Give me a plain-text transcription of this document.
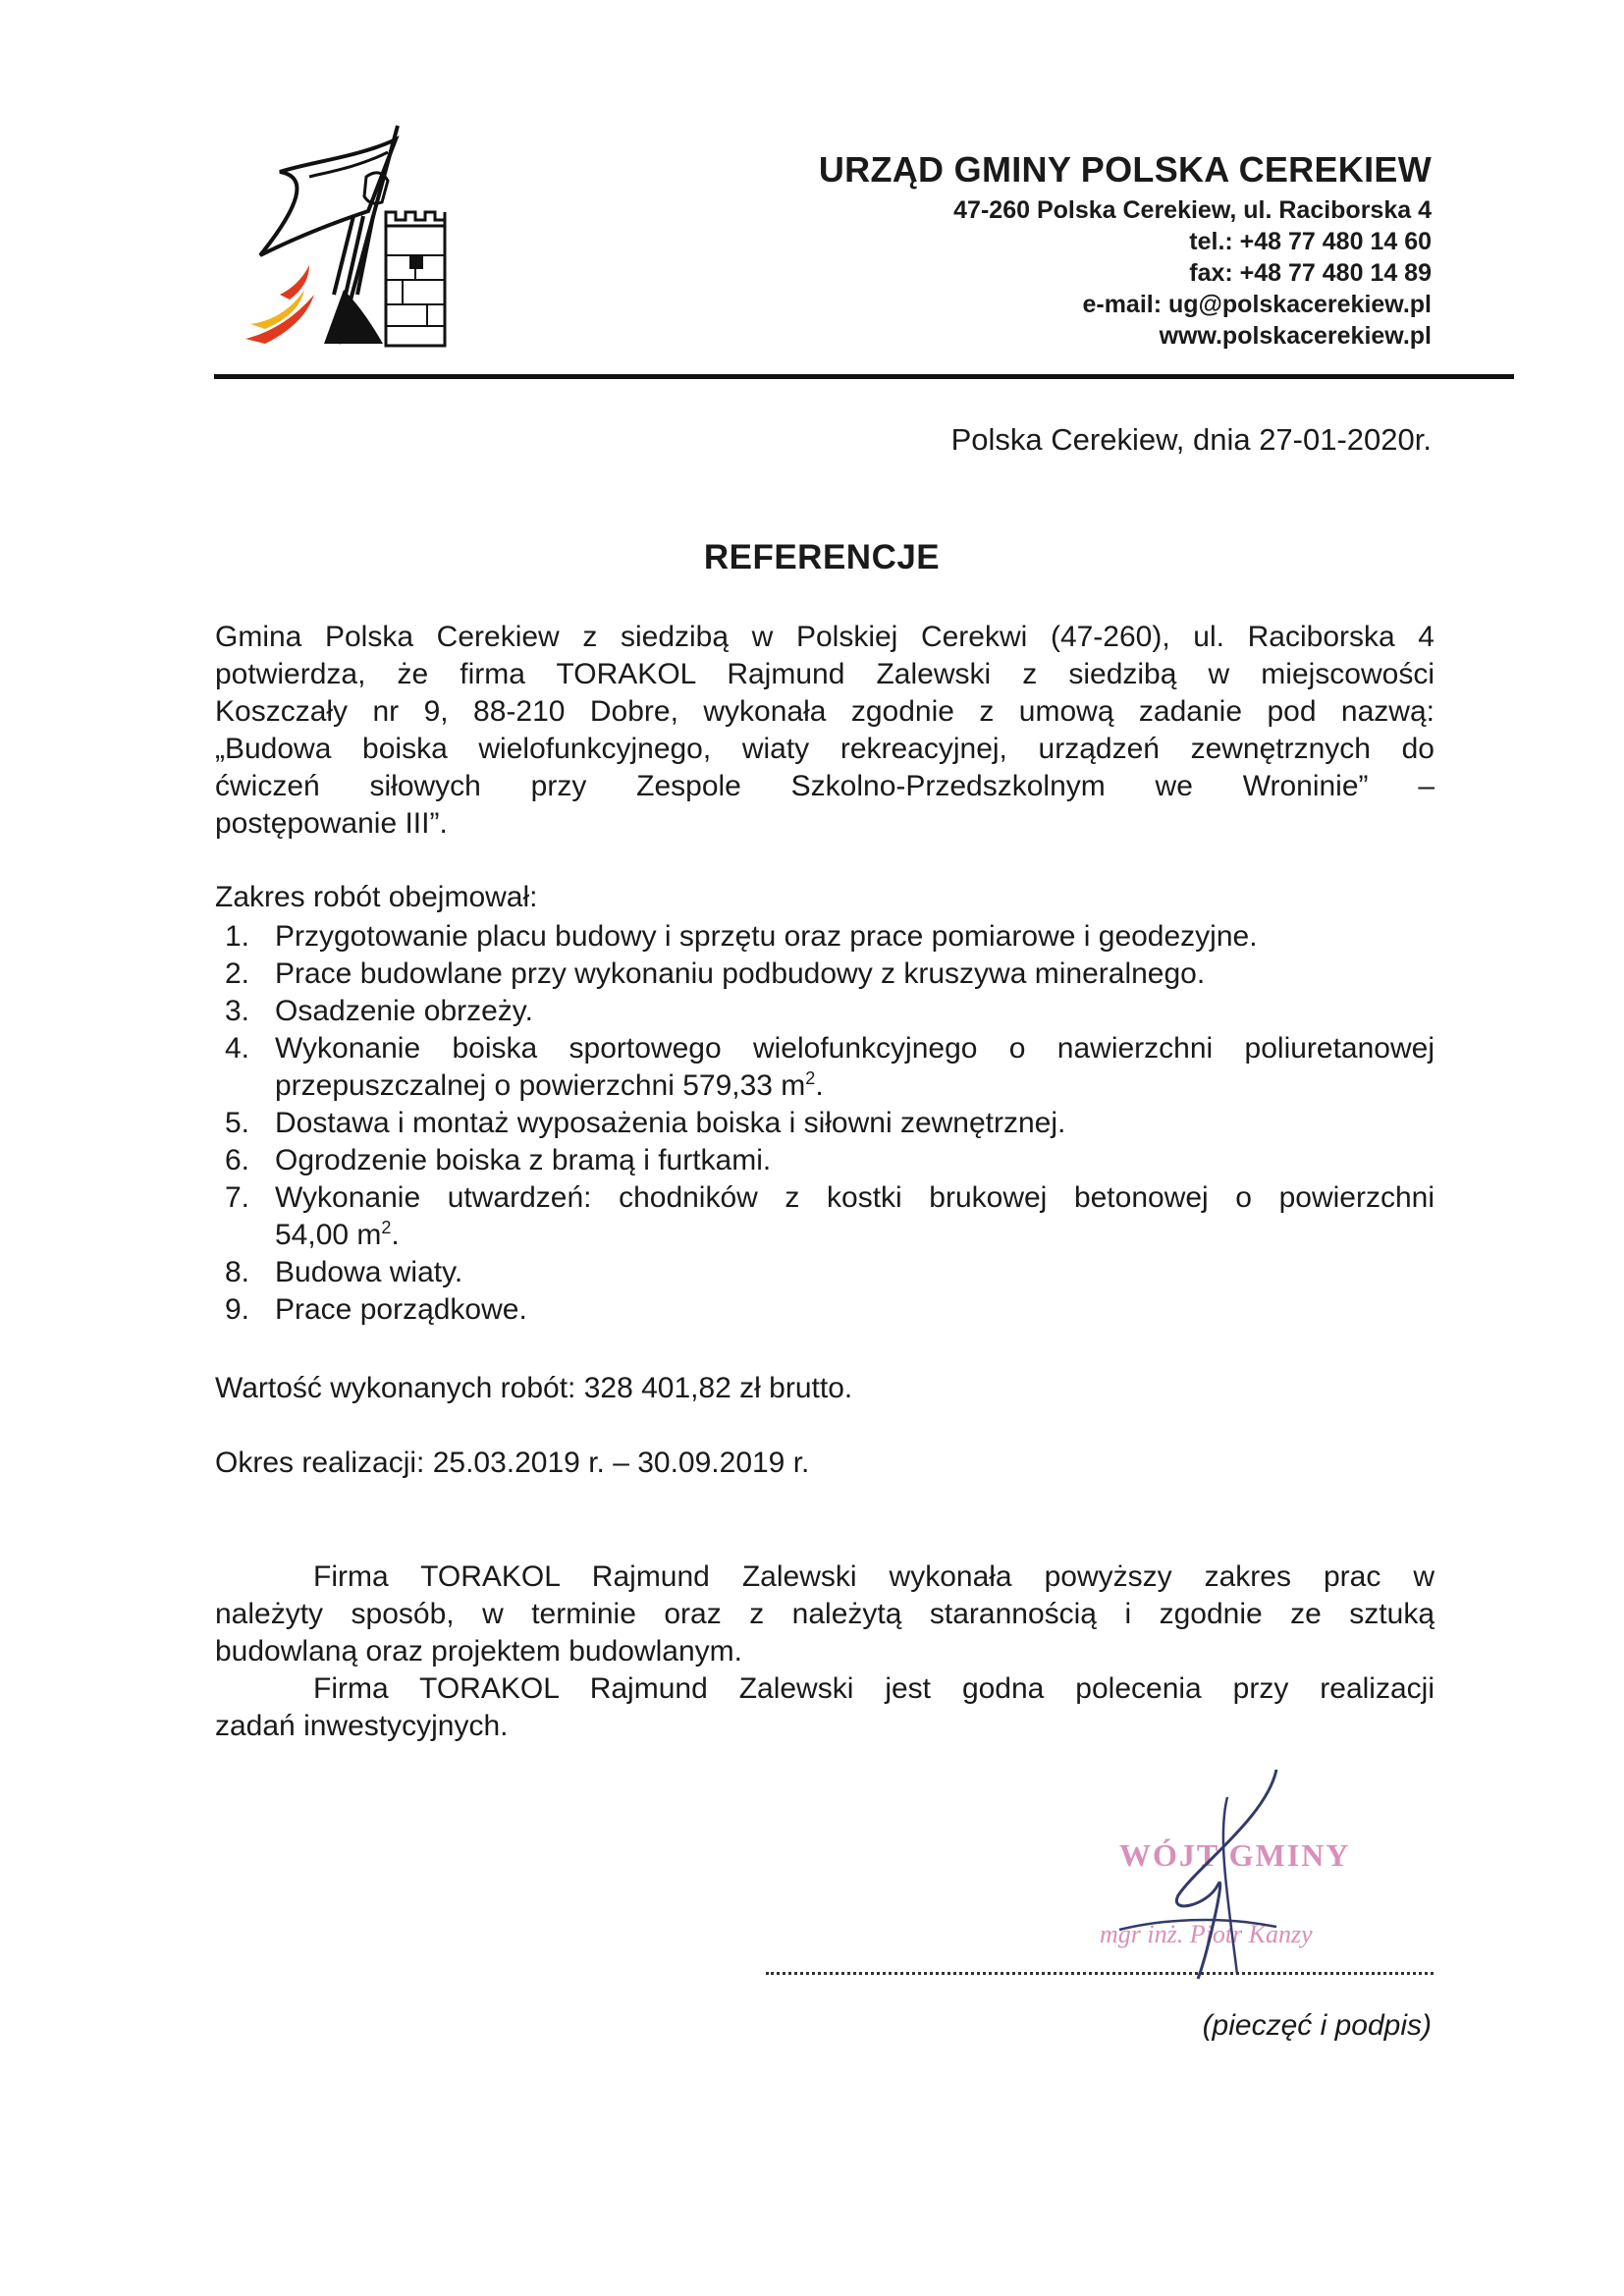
URZĄD GMINY POLSKA CEREKIEW
47-260 Polska Cerekiew, ul. Raciborska 4
tel.: +48 77 480 14 60
fax: +48 77 480 14 89
e-mail: ug@polskacerekiew.pl
www.polskacerekiew.pl
Polska Cerekiew, dnia 27-01-2020r.
REFERENCJE
Gmina Polska Cerekiew z siedzibą w Polskiej Cerekwi (47-260), ul. Raciborska 4
potwierdza, że firma TORAKOL Rajmund Zalewski z siedzibą w miejscowości
Koszczały nr 9, 88-210 Dobre, wykonała zgodnie z umową zadanie pod nazwą:
„Budowa boiska wielofunkcyjnego, wiaty rekreacyjnej, urządzeń zewnętrznych do
ćwiczeń siłowych przy Zespole Szkolno-Przedszkolnym we Wroninie” –
postępowanie III”.
Zakres robót obejmował:
1. Przygotowanie placu budowy i sprzętu oraz prace pomiarowe i geodezyjne.
2. Prace budowlane przy wykonaniu podbudowy z kruszywa mineralnego.
3. Osadzenie obrzeży.
4. Wykonanie boiska sportowego wielofunkcyjnego o nawierzchni poliuretanowej
przepuszczalnej o powierzchni 579,33 $m^2$.
5. Dostawa i montaż wyposażenia boiska i siłowni zewnętrznej.
6. Ogrodzenie boiska z bramą i furtkami.
7. Wykonanie utwardzeń: chodników z kostki brukowej betonowej o powierzchni
54,00 $m^2$.
8. Budowa wiaty.
9. Prace porządkowe.
Wartość wykonanych robót: 328 401,82 zł brutto.
Okres realizacji: 25.03.2019 r. – 30.09.2019 r.
Firma TORAKOL Rajmund Zalewski wykonała powyższy zakres prac w
należyty sposób, w terminie oraz z należytą starannością i zgodnie ze sztuką
budowlaną oraz projektem budowlanym.
Firma TORAKOL Rajmund Zalewski jest godna polecenia przy realizacji
zadań inwestycyjnych.
WÓJT GMINY
mgr inż. Piotr Kanzy
(pieczęć i podpis)
